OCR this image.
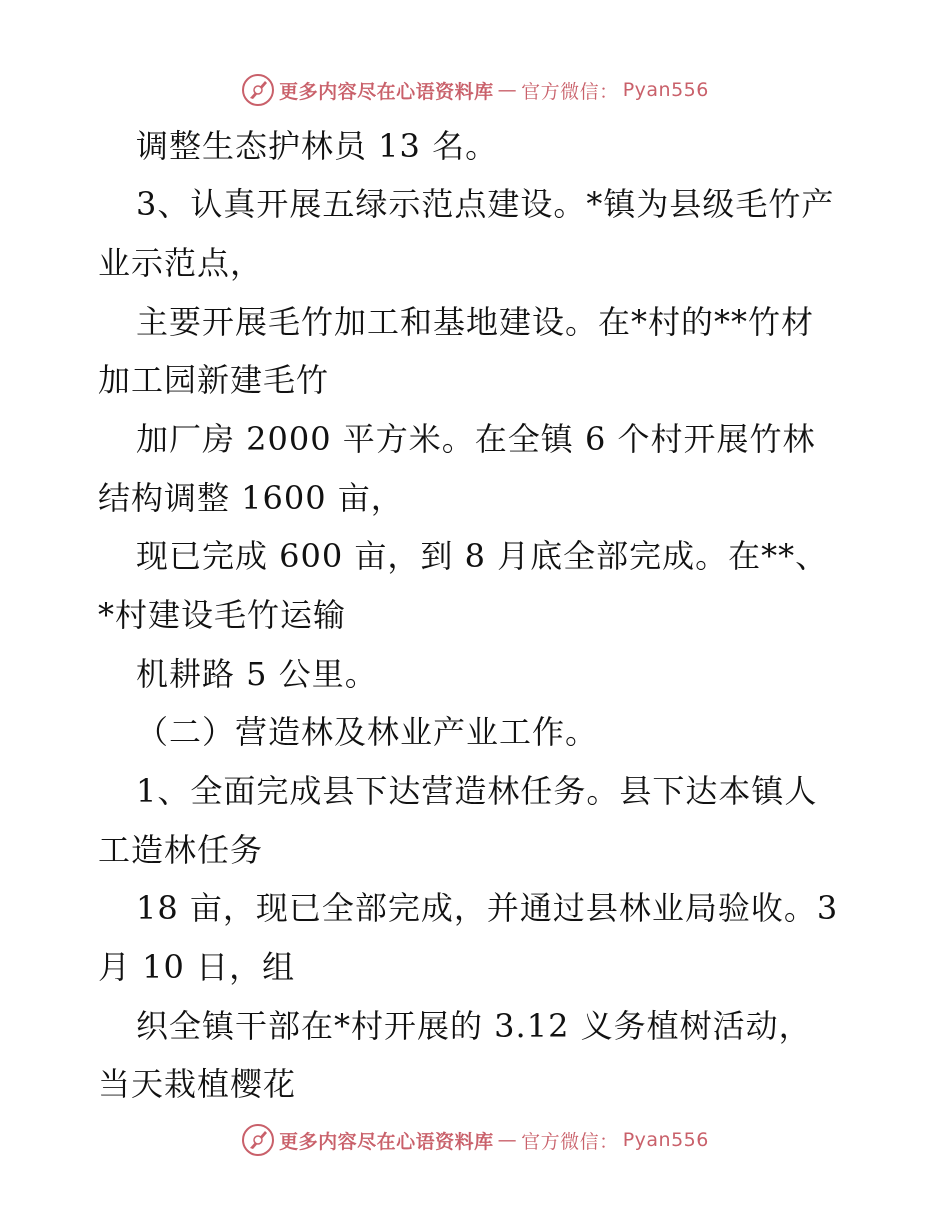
更多内容尽在心语资料库 — 官方微信： Pyan556
调整生态护林员 13 名。
3、认真开展五绿示范点建设。*镇为县级毛竹产
业示范点，
主要开展毛竹加工和基地建设。在*村的**竹材
加工园新建毛竹
加厂房 2000 平方米。在全镇 6 个村开展竹林
结构调整 1600 亩，
现已完成 600 亩，到 8 月底全部完成。在**、
*村建设毛竹运输
机耕路 5 公里。
（二）营造林及林业产业工作。
1、全面完成县下达营造林任务。县下达本镇人
工造林任务
18 亩，现已全部完成，并通过县林业局验收。3
月 10 日，组
织全镇干部在*村开展的 3.12 义务植树活动，
当天栽植樱花
更多内容尽在心语资料库 — 官方微信： Pyan556
